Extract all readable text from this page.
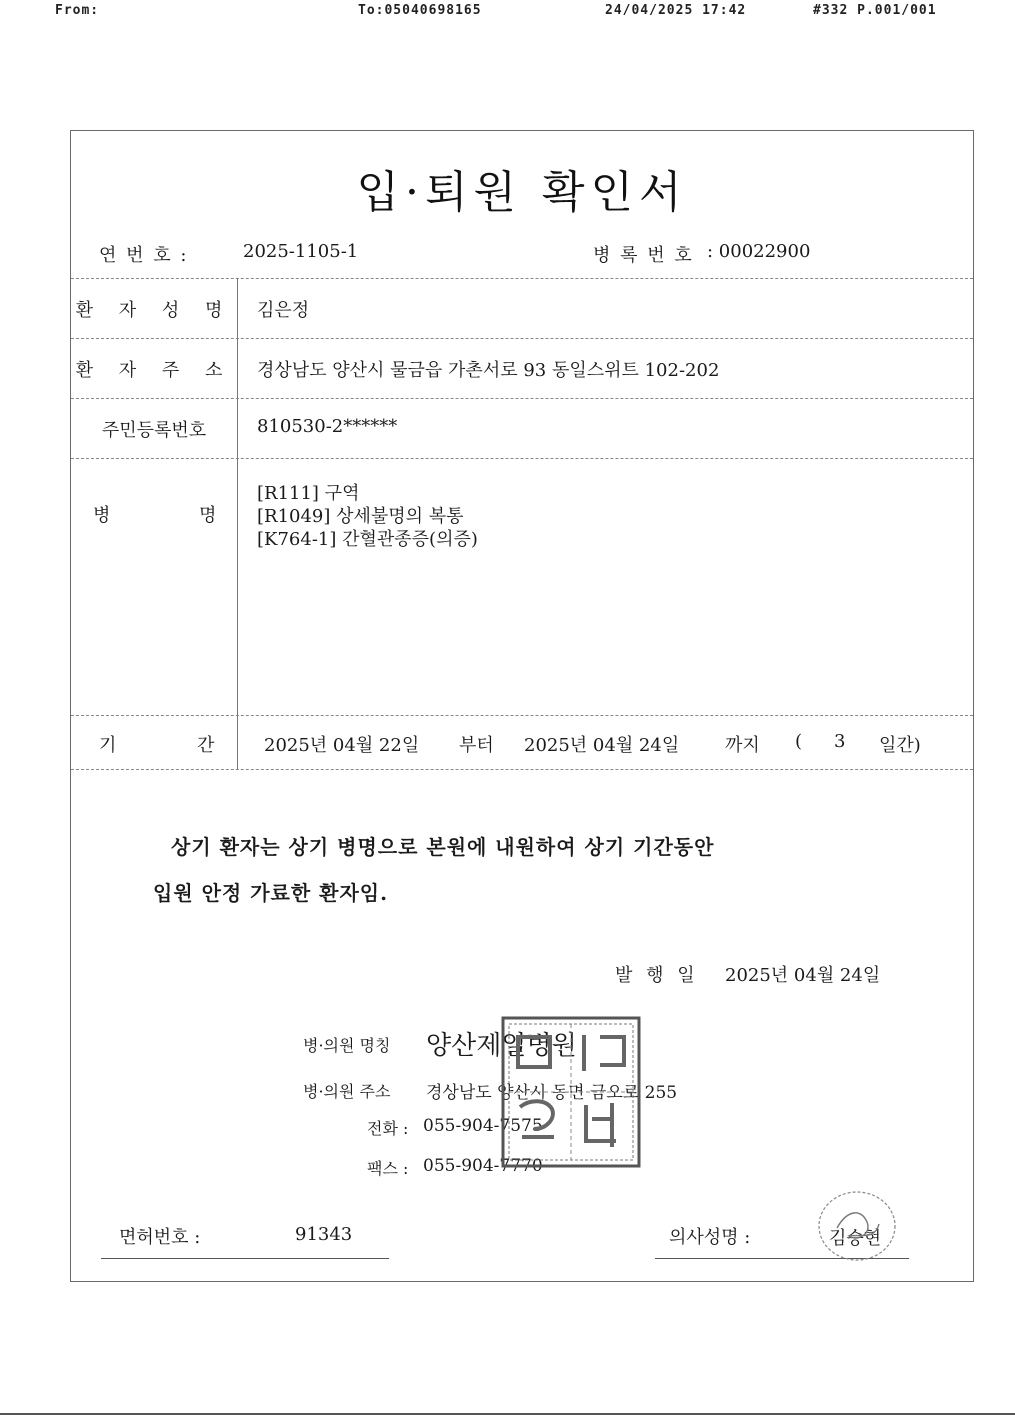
From:	To:05040698165	24/04/2025 17:42	#332 P.001/001
입·퇴원 확인서
연 번 호 :	2025-1105-1	병 록 번 호 : 00022900
환 자 성 명 김은정
환 자 주 소 경상남도 양산시 물금읍 가촌서로 93 동일스위트 102-202
주민등록번호	810530-2******
병	명
[R111] 구역
[R1049] 상세불명의 복통
[K764-1] 간혈관종증(의증)
기	간	2025년 04월 22일 부터 2025년 04월 24일	까지 ( 3 일간)
상기 환자는 상기 병명으로 본원에 내원하여 상기 기간동안
입원 안정 가료한 환자임.
발 행 일 2025년 04월 24일
병·의원 명칭 양산제일병원
병·의원 주소 경상남도 양산시 동면 금오로 255
전화 : 055-904-7575
팩스 : 055-904-7770
면허번호 :	91343	의사성명 :	김승현
